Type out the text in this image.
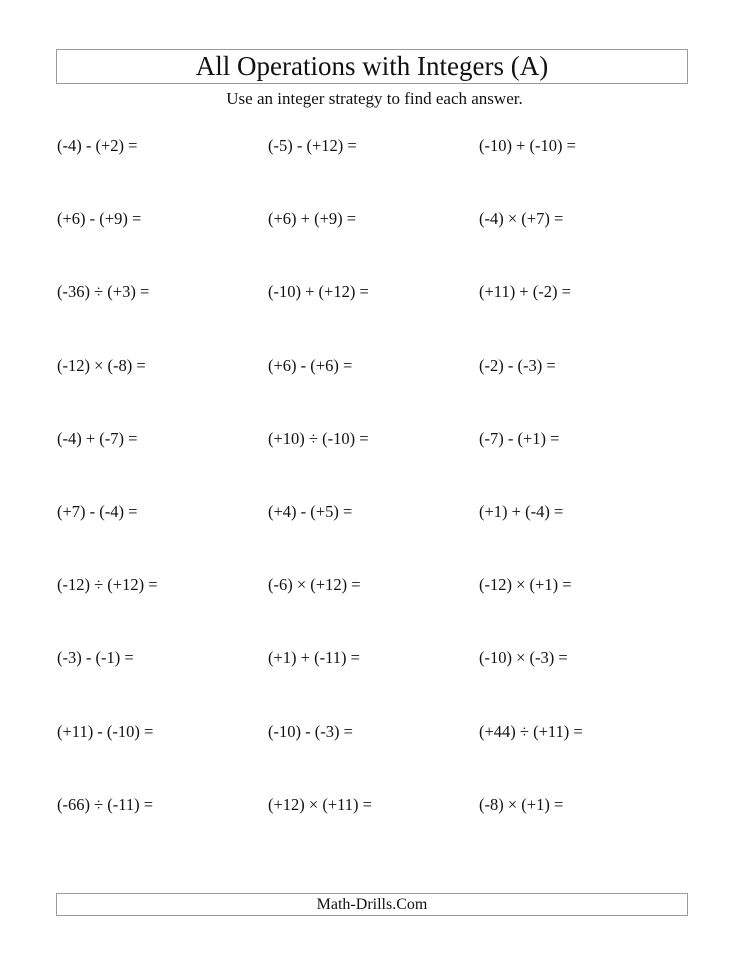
All Operations with Integers (A)
Use an integer strategy to find each answer.
(-4) - (+2) =	(-5) - (+12) =	(-10) + (-10) =
(+6) - (+9) =	(+6) + (+9) =	(-4) × (+7) =
(-36) ÷ (+3) =	(-10) + (+12) =	(+11) + (-2) =
(-12) × (-8) =	(+6) - (+6) =	(-2) - (-3) =
(-4) + (-7) =	(+10) ÷ (-10) =	(-7) - (+1) =
(+7) - (-4) =	(+4) - (+5) =	(+1) + (-4) =
(-12) ÷ (+12) =	(-6) × (+12) =	(-12) × (+1) =
(-3) - (-1) =	(+1) + (-11) =	(-10) × (-3) =
(+11) - (-10) =	(-10) - (-3) =	(+44) ÷ (+11) =
(-66) ÷ (-11) =	(+12) × (+11) =	(-8) × (+1) =
Math-Drills.Com
